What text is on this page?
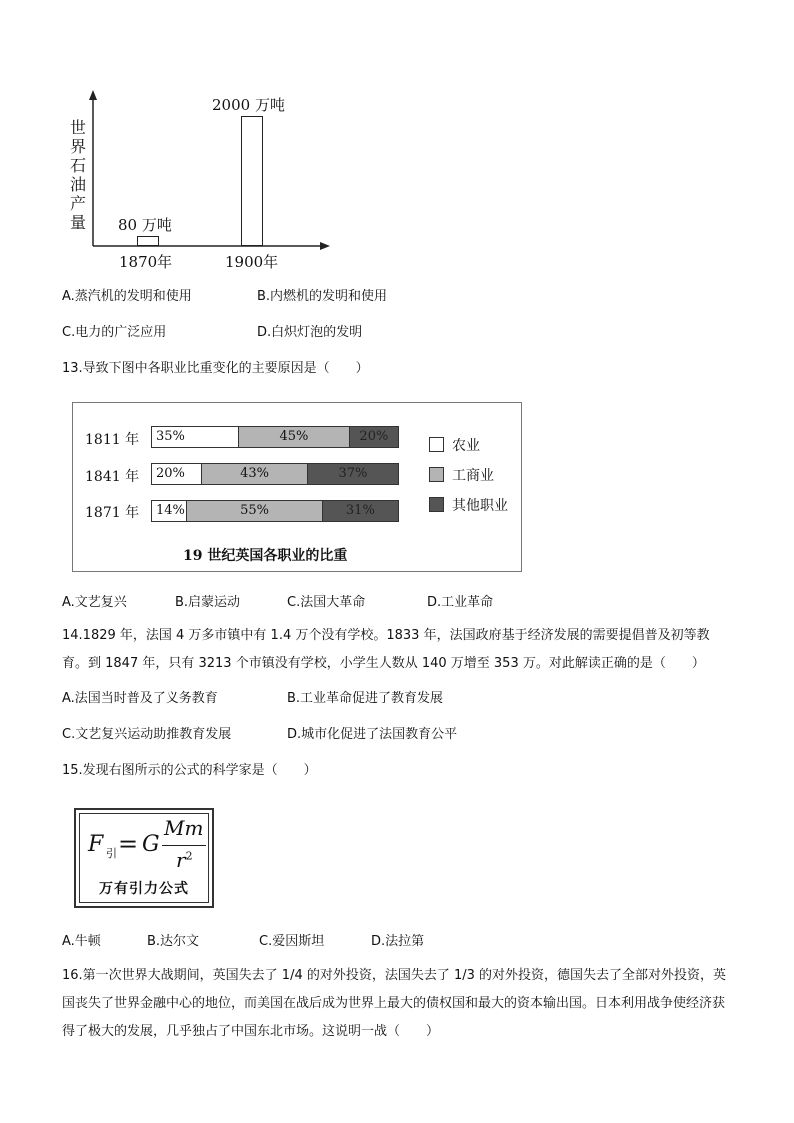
世界石油产量 80 万吨
2000 万吨
1870年	1900年
A.蒸汽机的发明和使用	B.内燃机的发明和使用
C.电力的广泛应用	D.白炽灯泡的发明
13.导致下图中各职业比重变化的主要原因是（　　）
1811 年
1841 年
1871 年
35%	45%	20%
20%	43%	37%
14%	55%	31%
农业
工商业
其他职业
19 世纪英国各职业的比重
A.文艺复兴	B.启蒙运动	C.法国大革命	D.工业革命
14.1829 年，法国 4 万多市镇中有 1.4 万个没有学校。1833 年，法国政府基于经济发展的需要提倡普及初等教育。到 1847 年，只有 3213 个市镇没有学校，小学生人数从 140 万增至 353 万。对此解读正确的是（　　）
A.法国当时普及了义务教育	B.工业革命促进了教育发展
C.文艺复兴运动助推教育发展	D.城市化促进了法国教育公平
15.发现右图所示的公式的科学家是（　　）
F 引 = G
Mm
$r^2$
万有引力公式
A.牛顿	B.达尔文	C.爱因斯坦	D.法拉第
16.第一次世界大战期间，英国失去了 1/4 的对外投资，法国失去了 1/3 的对外投资，德国失去了全部对外投资，英国丧失了世界金融中心的地位，而美国在战后成为世界上最大的债权国和最大的资本输出国。日本利用战争使经济获得了极大的发展，几乎独占了中国东北市场。这说明一战（　　）
